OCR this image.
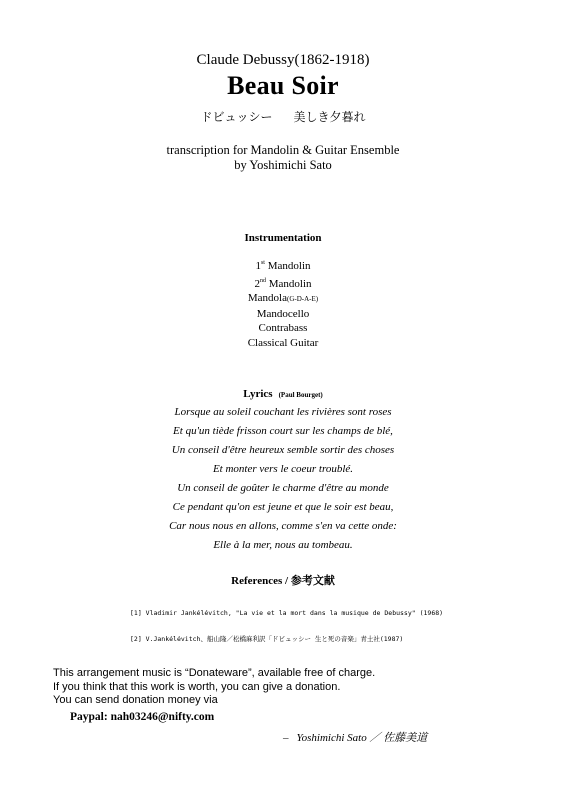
Claude Debussy(1862-1918)
Beau Soir
ドビュッシー 美しき夕暮れ
transcription for Mandolin & Guitar Ensemble
by Yoshimichi Sato
Instrumentation
1st Mandolin
2nd Mandolin
Mandola(G-D-A-E)
Mandocello
Contrabass
Classical Guitar
Lyrics (Paul Bourget)
Lorsque au soleil couchant les rivières sont roses
Et qu'un tiède frisson court sur les champs de blé,
Un conseil d'être heureux semble sortir des choses
Et monter vers le coeur troublé.
Un conseil de goûter le charme d'être au monde
Ce pendant qu'on est jeune et que le soir est beau,
Car nous nous en allons, comme s'en va cette onde:
Elle à la mer, nous au tombeau.
References / 参考文献

[1] Vladimir Jankélévitch, "La vie et la mort dans la musique de Debussy" (1968)

[2] V.Jankélévitch、船山隆／松橋麻利訳「ドビュッシー 生と死の音楽」青土社(1987)

This arrangement music is “Donateware”, available free of charge.
If you think that this work is worth, you can give a donation.
You can send donation money via
Paypal: nah03246@nifty.com
– Yoshimichi Sato ／ 佐藤美道
